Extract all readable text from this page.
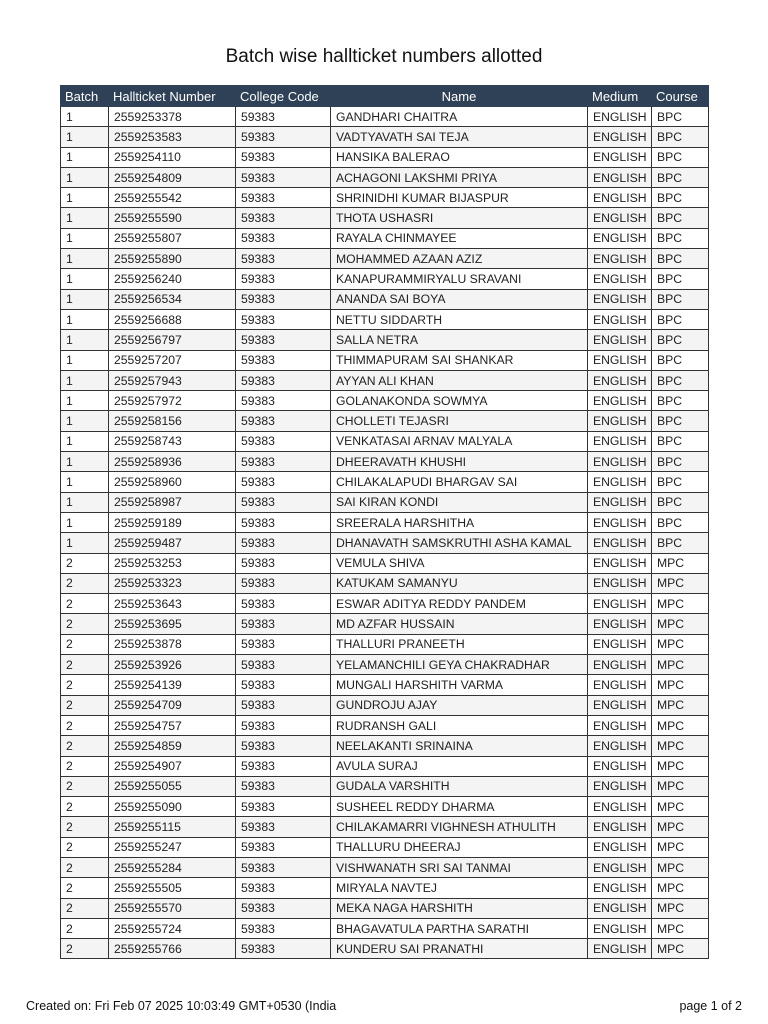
Batch wise hallticket numbers allotted
Batch	Hallticket Number	College Code	Name	Medium	Course
1	2559253378	59383	GANDHARI CHAITRA	ENGLISH	BPC
1	2559253583	59383	VADTYAVATH SAI TEJA	ENGLISH	BPC
1	2559254110	59383	HANSIKA BALERAO	ENGLISH	BPC
1	2559254809	59383	ACHAGONI LAKSHMI PRIYA	ENGLISH	BPC
1	2559255542	59383	SHRINIDHI KUMAR BIJASPUR	ENGLISH	BPC
1	2559255590	59383	THOTA USHASRI	ENGLISH	BPC
1	2559255807	59383	RAYALA CHINMAYEE	ENGLISH	BPC
1	2559255890	59383	MOHAMMED AZAAN AZIZ	ENGLISH	BPC
1	2559256240	59383	KANAPURAMMIRYALU SRAVANI	ENGLISH	BPC
1	2559256534	59383	ANANDA SAI BOYA	ENGLISH	BPC
1	2559256688	59383	NETTU SIDDARTH	ENGLISH	BPC
1	2559256797	59383	SALLA NETRA	ENGLISH	BPC
1	2559257207	59383	THIMMAPURAM SAI SHANKAR	ENGLISH	BPC
1	2559257943	59383	AYYAN ALI KHAN	ENGLISH	BPC
1	2559257972	59383	GOLANAKONDA SOWMYA	ENGLISH	BPC
1	2559258156	59383	CHOLLETI TEJASRI	ENGLISH	BPC
1	2559258743	59383	VENKATASAI ARNAV MALYALA	ENGLISH	BPC
1	2559258936	59383	DHEERAVATH KHUSHI	ENGLISH	BPC
1	2559258960	59383	CHILAKALAPUDI BHARGAV SAI	ENGLISH	BPC
1	2559258987	59383	SAI KIRAN KONDI	ENGLISH	BPC
1	2559259189	59383	SREERALA HARSHITHA	ENGLISH	BPC
1	2559259487	59383	DHANAVATH SAMSKRUTHI ASHA KAMAL	ENGLISH	BPC
2	2559253253	59383	VEMULA SHIVA	ENGLISH	MPC
2	2559253323	59383	KATUKAM SAMANYU	ENGLISH	MPC
2	2559253643	59383	ESWAR ADITYA REDDY PANDEM	ENGLISH	MPC
2	2559253695	59383	MD AZFAR HUSSAIN	ENGLISH	MPC
2	2559253878	59383	THALLURI PRANEETH	ENGLISH	MPC
2	2559253926	59383	YELAMANCHILI GEYA CHAKRADHAR	ENGLISH	MPC
2	2559254139	59383	MUNGALI HARSHITH VARMA	ENGLISH	MPC
2	2559254709	59383	GUNDROJU AJAY	ENGLISH	MPC
2	2559254757	59383	RUDRANSH GALI	ENGLISH	MPC
2	2559254859	59383	NEELAKANTI SRINAINA	ENGLISH	MPC
2	2559254907	59383	AVULA SURAJ	ENGLISH	MPC
2	2559255055	59383	GUDALA VARSHITH	ENGLISH	MPC
2	2559255090	59383	SUSHEEL REDDY DHARMA	ENGLISH	MPC
2	2559255115	59383	CHILAKAMARRI VIGHNESH ATHULITH	ENGLISH	MPC
2	2559255247	59383	THALLURU DHEERAJ	ENGLISH	MPC
2	2559255284	59383	VISHWANATH SRI SAI TANMAI	ENGLISH	MPC
2	2559255505	59383	MIRYALA NAVTEJ	ENGLISH	MPC
2	2559255570	59383	MEKA NAGA HARSHITH	ENGLISH	MPC
2	2559255724	59383	BHAGAVATULA PARTHA SARATHI	ENGLISH	MPC
2	2559255766	59383	KUNDERU SAI PRANATHI	ENGLISH	MPC
Created on: Fri Feb 07 2025 10:03:49 GMT+0530 (India	page 1 of 2
